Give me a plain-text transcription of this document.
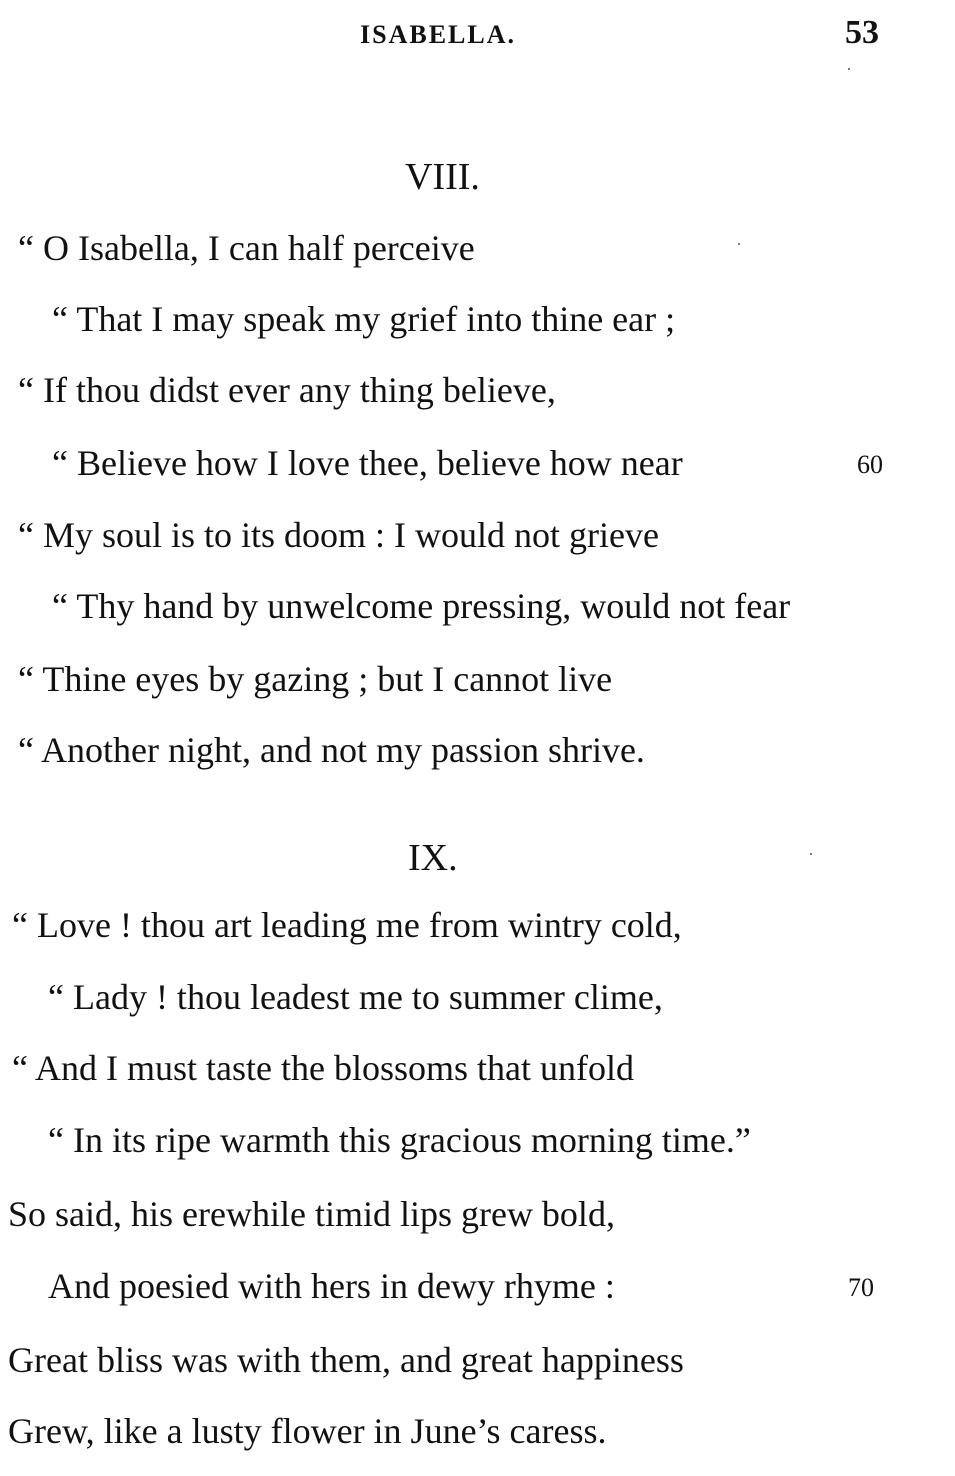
ISABELLA.	53
VIII.
“ O Isabella, I can half perceive
“ That I may speak my grief into thine ear ;
“ If thou didst ever any thing believe,
“ Believe how I love thee, believe how near	60
“ My soul is to its doom : I would not grieve
“ Thy hand by unwelcome pressing, would not fear
“ Thine eyes by gazing ; but I cannot live
“ Another night, and not my passion shrive.
IX.
“ Love ! thou art leading me from wintry cold,
“ Lady ! thou leadest me to summer clime,
“ And I must taste the blossoms that unfold
“ In its ripe warmth this gracious morning time.”
So said, his erewhile timid lips grew bold,
And poesied with hers in dewy rhyme :	70
Great bliss was with them, and great happiness
Grew, like a lusty flower in June’s caress.
